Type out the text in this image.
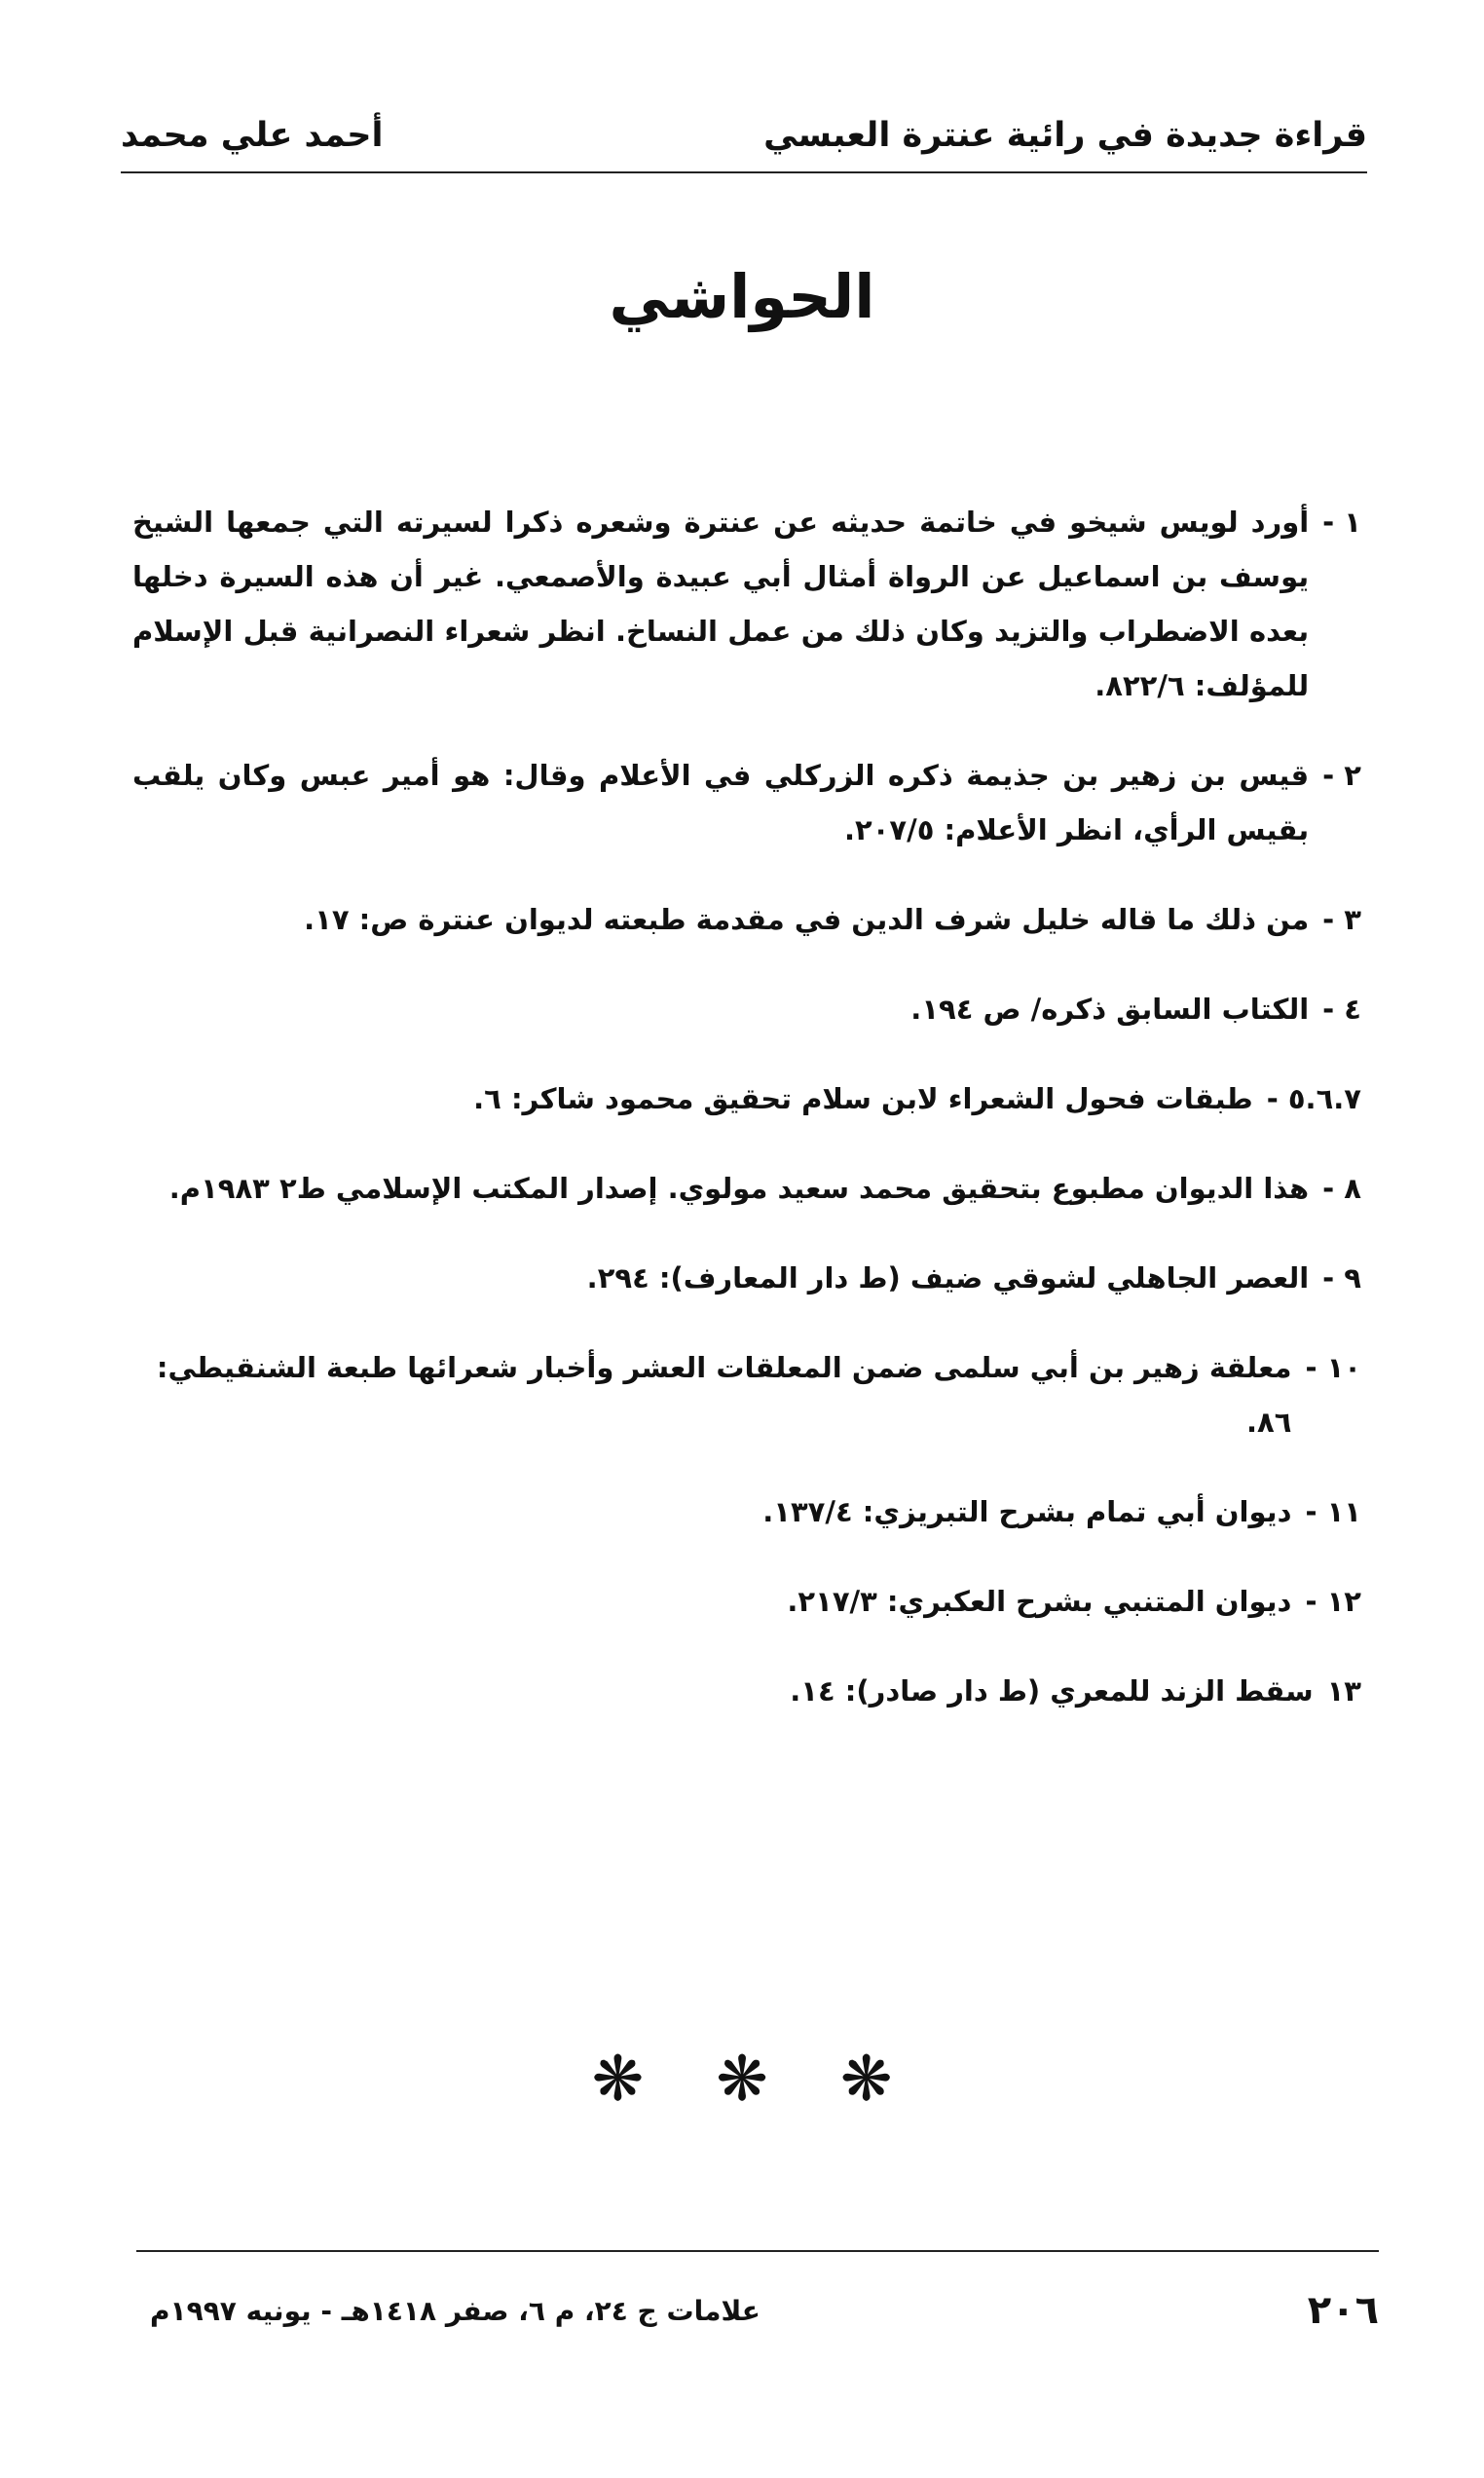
قراءة جديدة في رائية عنترة العبسي
أحمد علي محمد
الحواشي
١ -
أورد لويس شيخو في خاتمة حديثه عن عنترة وشعره ذكرا لسيرته التي جمعها الشيخ يوسف بن اسماعيل عن الرواة أمثال أبي عبيدة والأصمعي. غير أن هذه السيرة دخلها بعده الاضطراب والتزيد وكان ذلك من عمل النساخ. انظر شعراء النصرانية قبل الإسلام للمؤلف: ٨٢٢/٦.
٢ -
قيس بن زهير بن جذيمة ذكره الزركلي في الأعلام وقال: هو أمير عبس وكان يلقب بقيس الرأي، انظر الأعلام: ٢٠٧/٥.
٣ -
من ذلك ما قاله خليل شرف الدين في مقدمة طبعته لديوان عنترة ص: ١٧.
٤ -
الكتاب السابق ذكره/ ص ١٩٤.
٥.٦.٧ -
طبقات فحول الشعراء لابن سلام تحقيق محمود شاكر: ٦.
٨ -
هذا الديوان مطبوع بتحقيق محمد سعيد مولوي. إصدار المكتب الإسلامي ط٢ ١٩٨٣م.
٩ -
العصر الجاهلي لشوقي ضيف (ط دار المعارف): ٢٩٤.
١٠ -
معلقة زهير بن أبي سلمى ضمن المعلقات العشر وأخبار شعرائها طبعة الشنقيطي: ٨٦.
١١ -
ديوان أبي تمام بشرح التبريزي: ١٣٧/٤.
١٢ -
ديوان المتنبي بشرح العكبري: ٢١٧/٣.
١٣
سقط الزند للمعري (ط دار صادر): ١٤.
❋
❋
❋
٢٠٦
علامات ج ٢٤، م ٦، صفر ١٤١٨هـ - يونيه ١٩٩٧م
